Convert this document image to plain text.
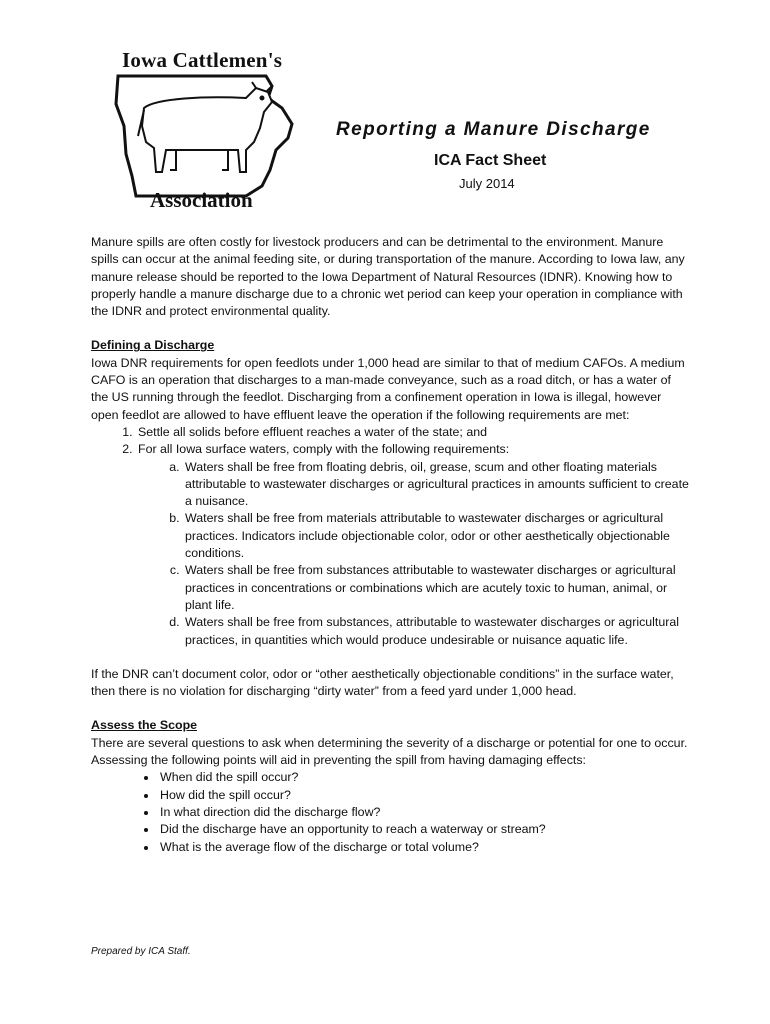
Iowa Cattlemen's
Association
Reporting a Manure Discharge
ICA Fact Sheet
July 2014

Manure spills are often costly for livestock producers and can be detrimental to the environment. Manure spills can occur at the animal feeding site, or during transportation of the manure. According to Iowa law, any manure release should be reported to the Iowa Department of Natural Resources (IDNR). Knowing how to properly handle a manure discharge due to a chronic wet period can keep your operation in compliance with the IDNR and protect environmental quality.

Defining a Discharge

Iowa DNR requirements for open feedlots under 1,000 head are similar to that of medium CAFOs. A medium CAFO is an operation that discharges to a man-made conveyance, such as a road ditch, or has a water of the US running through the feedlot. Discharging from a confinement operation in Iowa is illegal, however open feedlot are allowed to have effluent leave the operation if the following requirements are met:

1. Settle all solids before effluent reaches a water of the state; and
2. For all Iowa surface waters, comply with the following requirements:
a. Waters shall be free from floating debris, oil, grease, scum and other floating materials attributable to wastewater discharges or agricultural practices in amounts sufficient to create a nuisance.
b. Waters shall be free from materials attributable to wastewater discharges or agricultural practices. Indicators include objectionable color, odor or other aesthetically objectionable conditions.
c. Waters shall be free from substances attributable to wastewater discharges or agricultural practices in concentrations or combinations which are acutely toxic to human, animal, or plant life.
d. Waters shall be free from substances, attributable to wastewater discharges or agricultural practices, in quantities which would produce undesirable or nuisance aquatic life.

If the DNR can’t document color, odor or “other aesthetically objectionable conditions” in the surface water, then there is no violation for discharging “dirty water” from a feed yard under 1,000 head.

Assess the Scope

There are several questions to ask when determining the severity of a discharge or potential for one to occur. Assessing the following points will aid in preventing the spill from having damaging effects:

• When did the spill occur?
• How did the spill occur?
• In what direction did the discharge flow?
• Did the discharge have an opportunity to reach a waterway or stream?
• What is the average flow of the discharge or total volume?
Prepared by ICA Staff.
